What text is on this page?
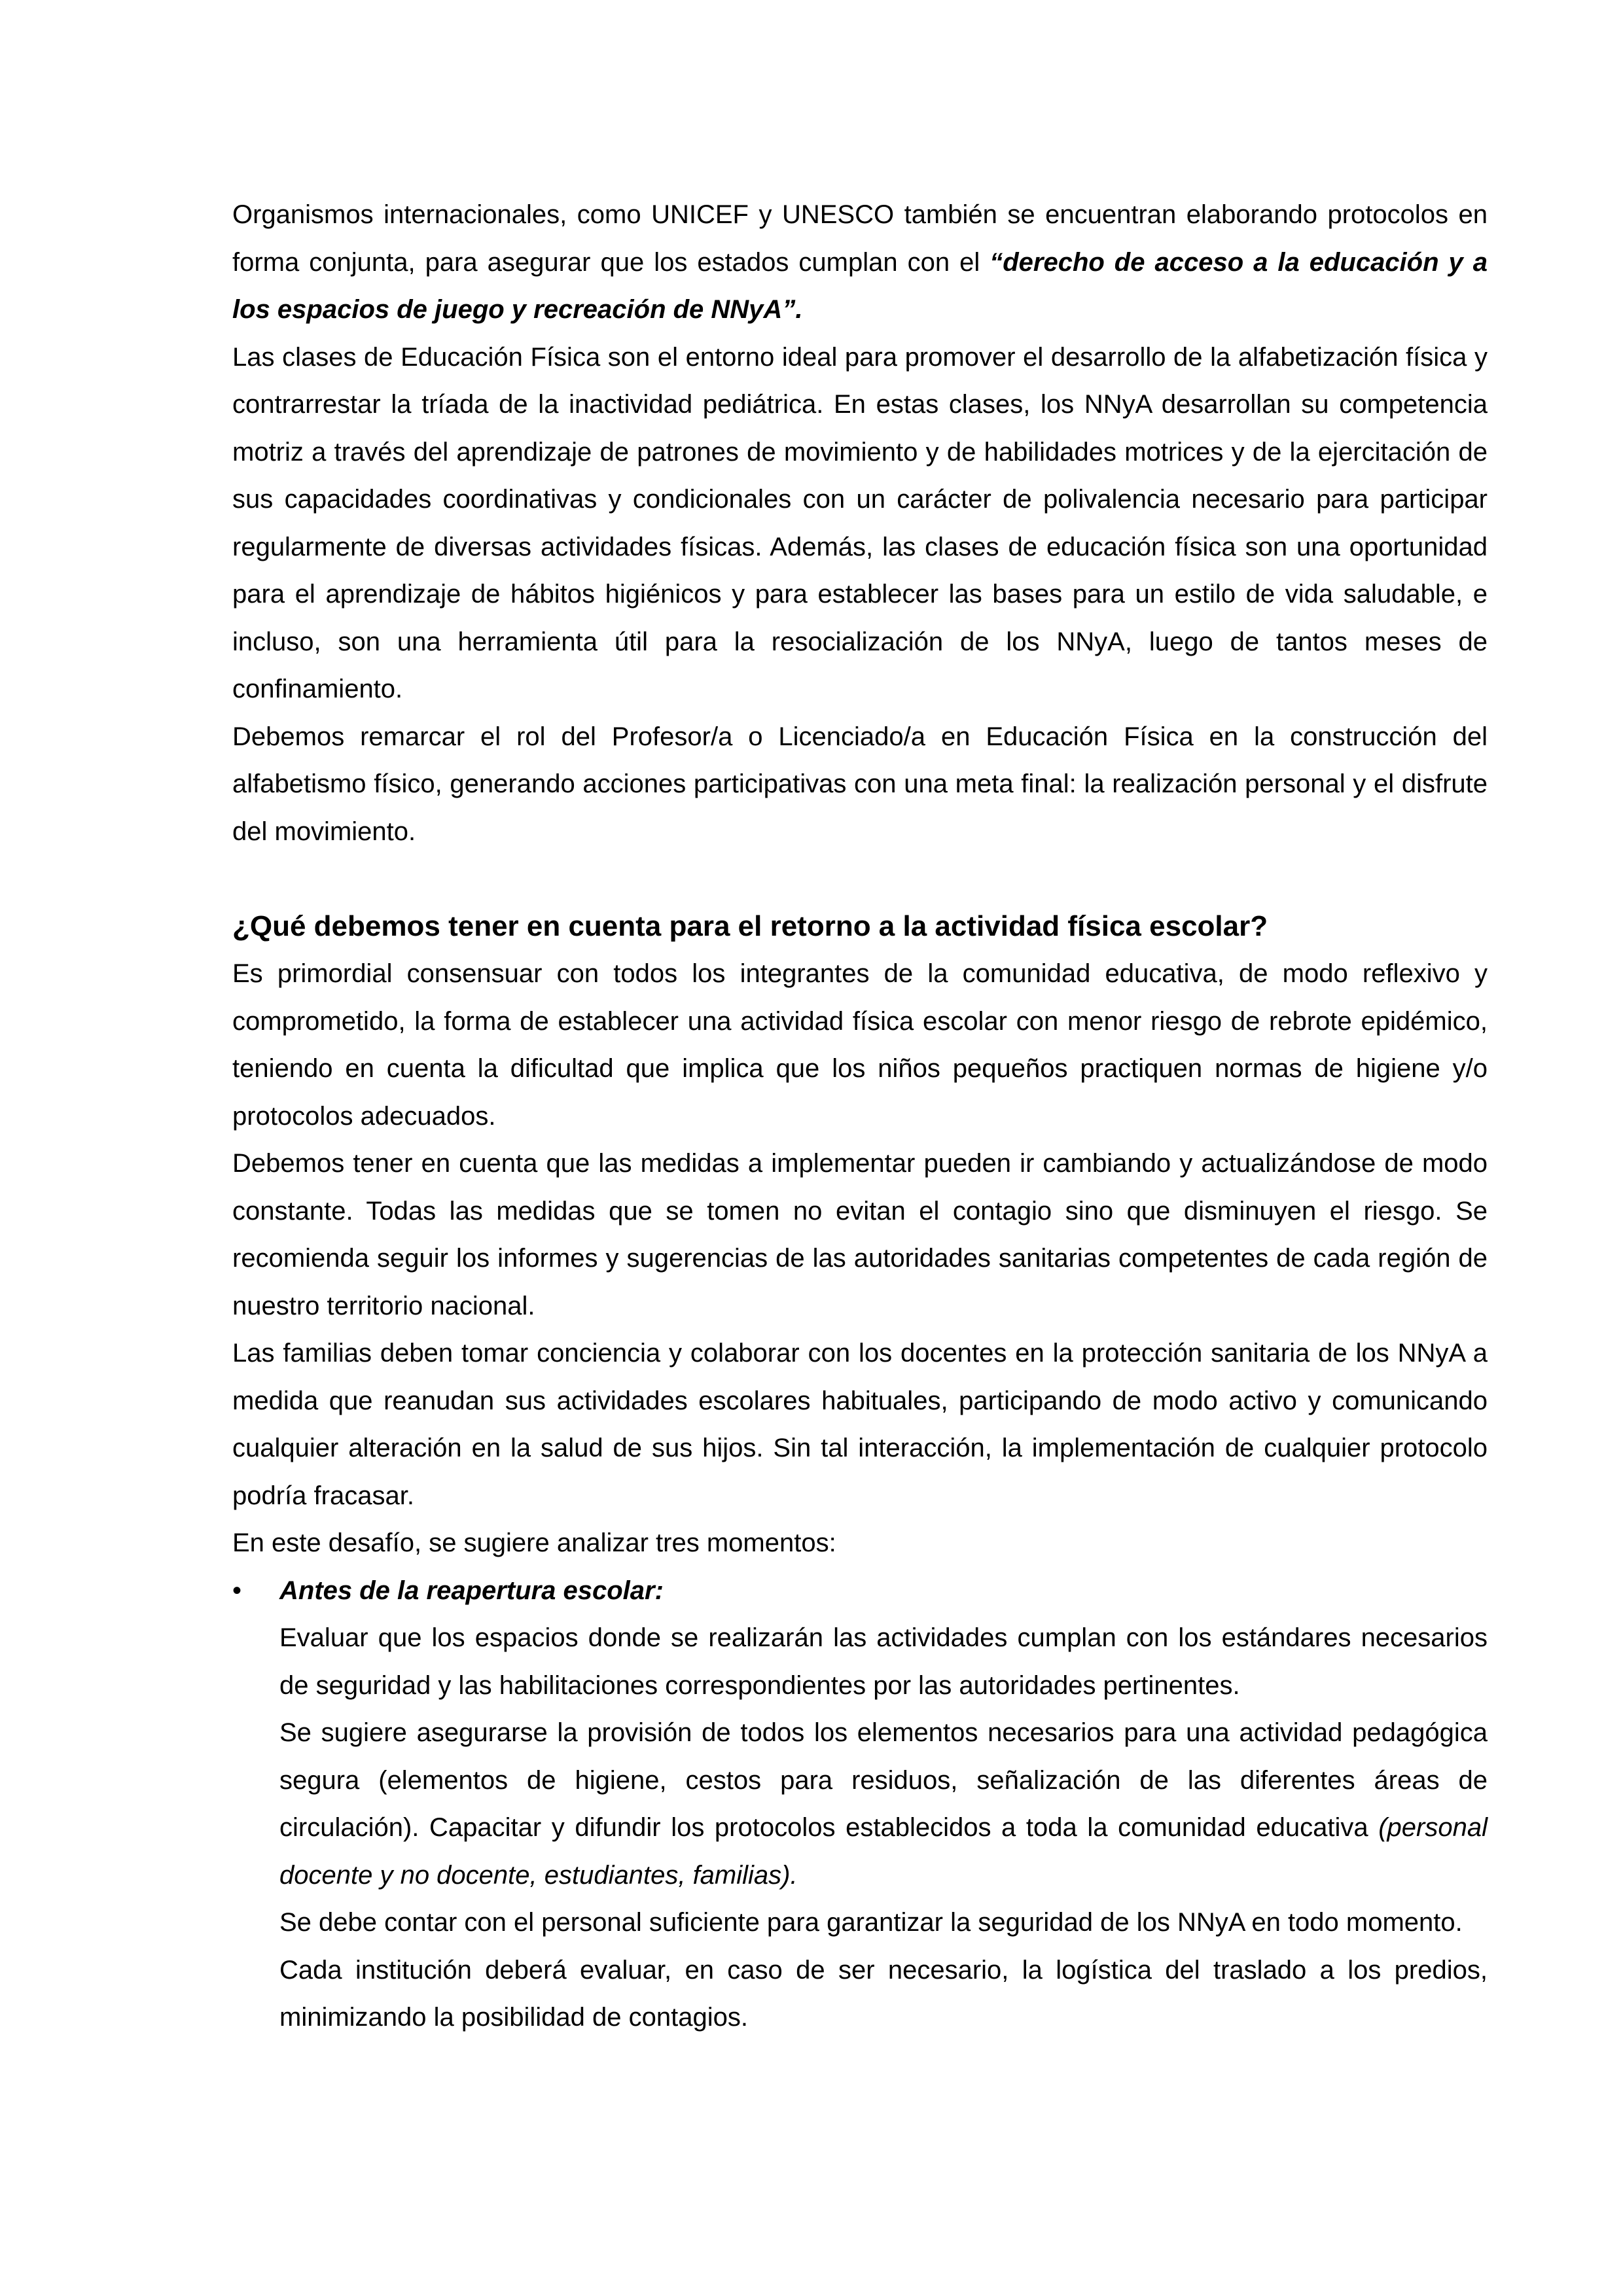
Organismos internacionales, como UNICEF y UNESCO también se encuentran elaborando protocolos en forma conjunta, para asegurar que los estados cumplan con el “derecho de acceso a la educación y a los espacios de juego y recreación de NNyA”.

Las clases de Educación Física son el entorno ideal para promover el desarrollo de la alfabetización física y contrarrestar la tríada de la inactividad pediátrica. En estas clases, los NNyA desarrollan su competencia motriz a través del aprendizaje de patrones de movimiento y de habilidades motrices y de la ejercitación de sus capacidades coordinativas y condicionales con un carácter de polivalencia necesario para participar regularmente de diversas actividades físicas. Además, las clases de educación física son una oportunidad para el aprendizaje de hábitos higiénicos y para establecer las bases para un estilo de vida saludable, e incluso, son una herramienta útil para la resocialización de los NNyA, luego de tantos meses de confinamiento.

Debemos remarcar el rol del Profesor/a o Licenciado/a en Educación Física en la construcción del alfabetismo físico, generando acciones participativas con una meta final: la realización personal y el disfrute del movimiento.

¿Qué debemos tener en cuenta para el retorno a la actividad física escolar?

Es primordial consensuar con todos los integrantes de la comunidad educativa, de modo reflexivo y comprometido, la forma de establecer una actividad física escolar con menor riesgo de rebrote epidémico, teniendo en cuenta la dificultad que implica que los niños pequeños practiquen normas de higiene y/o protocolos adecuados.

Debemos tener en cuenta que las medidas a implementar pueden ir cambiando y actualizándose de modo constante. Todas las medidas que se tomen no evitan el contagio sino que disminuyen el riesgo. Se recomienda seguir los informes y sugerencias de las autoridades sanitarias competentes de cada región de nuestro territorio nacional.

Las familias deben tomar conciencia y colaborar con los docentes en la protección sanitaria de los NNyA a medida que reanudan sus actividades escolares habituales, participando de modo activo y comunicando cualquier alteración en la salud de sus hijos. Sin tal interacción, la implementación de cualquier protocolo podría fracasar.

En este desafío, se sugiere analizar tres momentos:

• Antes de la reapertura escolar:

Evaluar que los espacios donde se realizarán las actividades cumplan con los estándares necesarios de seguridad y las habilitaciones correspondientes por las autoridades pertinentes.

Se sugiere asegurarse la provisión de todos los elementos necesarios para una actividad pedagógica segura (elementos de higiene, cestos para residuos, señalización de las diferentes áreas de circulación). Capacitar y difundir los protocolos establecidos a toda la comunidad educativa (personal docente y no docente, estudiantes, familias).

Se debe contar con el personal suficiente para garantizar la seguridad de los NNyA en todo momento.

Cada institución deberá evaluar, en caso de ser necesario, la logística del traslado a los predios, minimizando la posibilidad de contagios.
